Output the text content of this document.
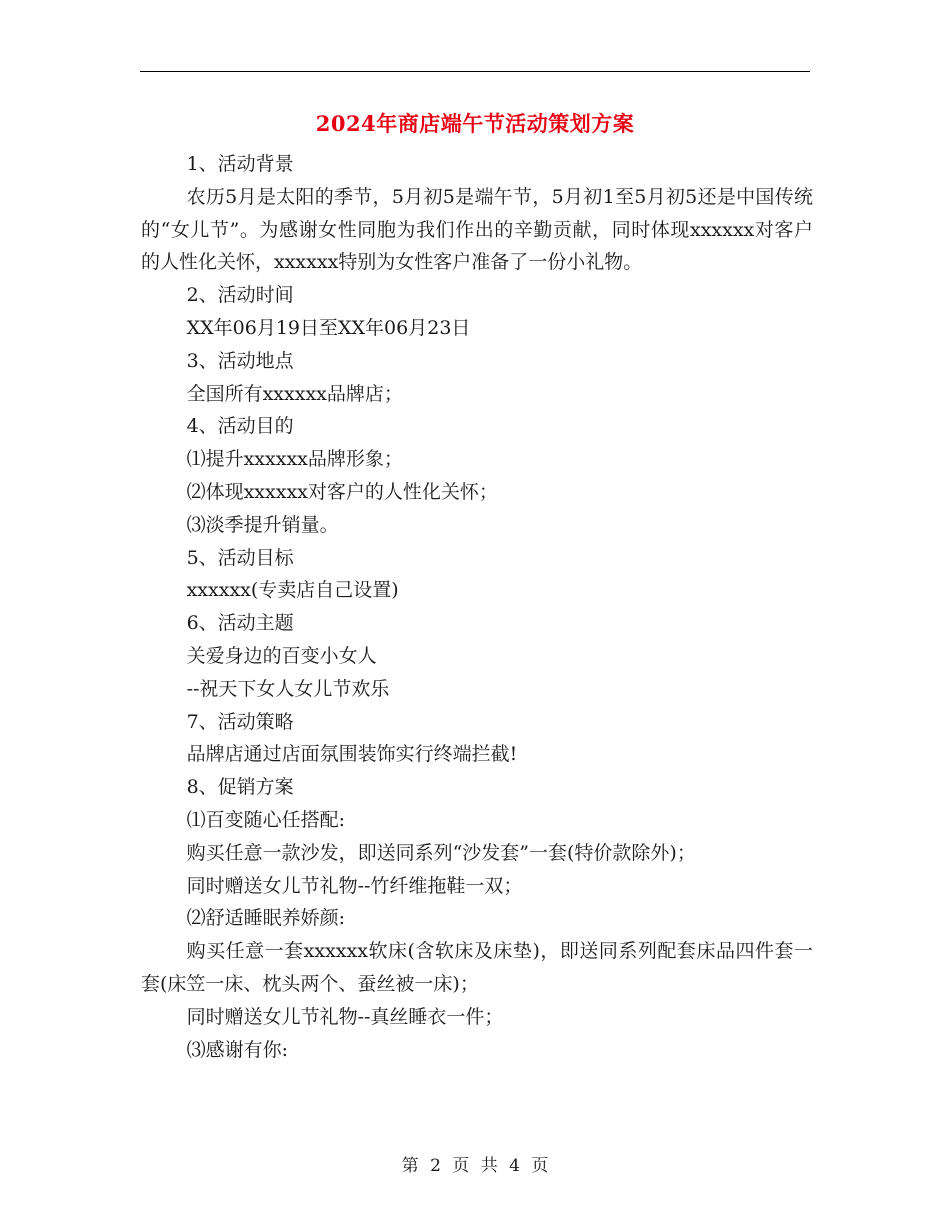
2024年商店端午节活动策划方案

1、活动背景

农历5月是太阳的季节，5月初5是端午节，5月初1至5月初5还是中国传统的“女儿节”。为感谢女性同胞为我们作出的辛勤贡献，同时体现xxxxxx对客户的人性化关怀，xxxxxx特别为女性客户准备了一份小礼物。

2、活动时间

XX年06月19日至XX年06月23日

3、活动地点

全国所有xxxxxx品牌店；

4、活动目的

⑴提升xxxxxx品牌形象；

⑵体现xxxxxx对客户的人性化关怀；

⑶淡季提升销量。

5、活动目标

xxxxxx(专卖店自己设置)

6、活动主题

关爱身边的百变小女人

--祝天下女人女儿节欢乐

7、活动策略

品牌店通过店面氛围装饰实行终端拦截!

8、促销方案

⑴百变随心任搭配:

购买任意一款沙发，即送同系列“沙发套”一套(特价款除外)；

同时赠送女儿节礼物--竹纤维拖鞋一双；

⑵舒适睡眠养娇颜:

购买任意一套xxxxxx软床(含软床及床垫)，即送同系列配套床品四件套一套(床笠一床、枕头两个、蚕丝被一床)；

同时赠送女儿节礼物--真丝睡衣一件；

⑶感谢有你:

第 2 页 共 4 页
